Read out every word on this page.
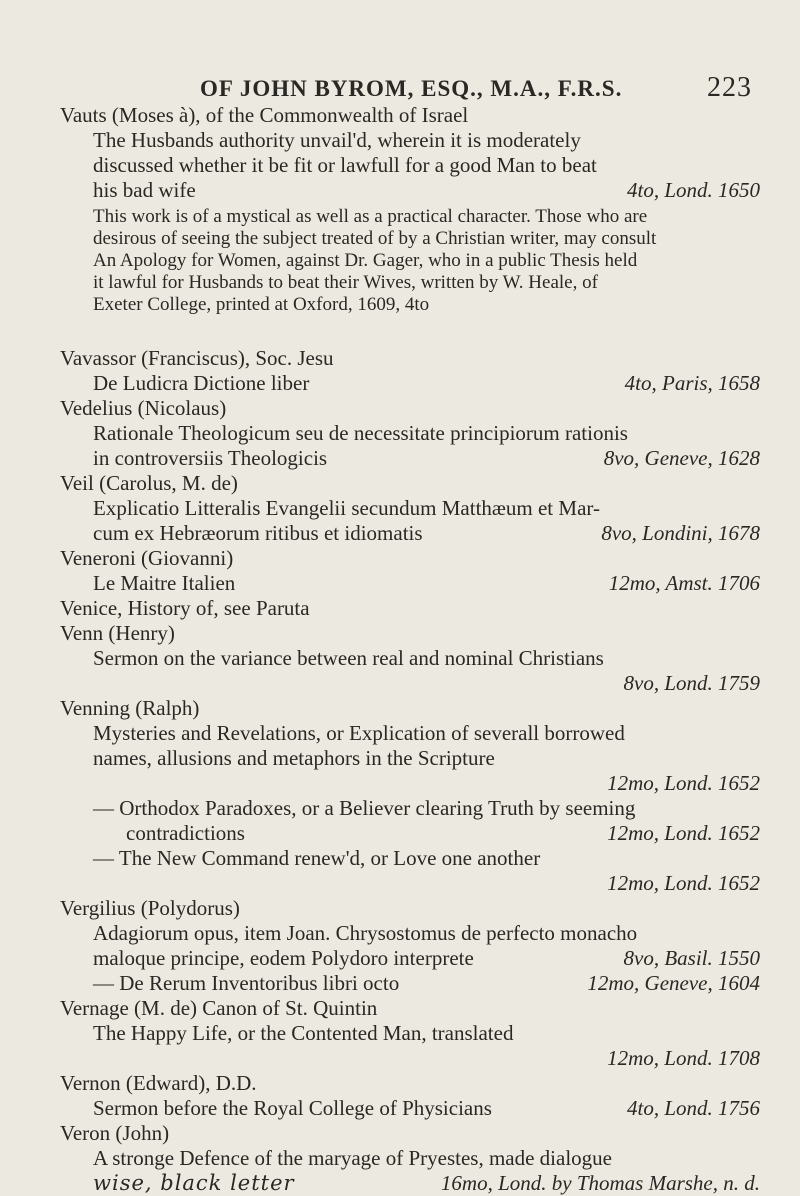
OF JOHN BYROM, ESQ., M.A., F.R.S.	223
Vauts (Moses à), of the Commonwealth of Israel
The Husbands authority unvail'd, wherein it is moderately
discussed whether it be fit or lawfull for a good Man to beat
his bad wife	4to, Lond. 1650
This work is of a mystical as well as a practical character. Those who are
desirous of seeing the subject treated of by a Christian writer, may consult
An Apology for Women, against Dr. Gager, who in a public Thesis held
it lawful for Husbands to beat their Wives, written by W. Heale, of
Exeter College, printed at Oxford, 1609, 4to
Vavassor (Franciscus), Soc. Jesu
De Ludicra Dictione liber	4to, Paris, 1658
Vedelius (Nicolaus)
Rationale Theologicum seu de necessitate principiorum rationis
in controversiis Theologicis	8vo, Geneve, 1628
Veil (Carolus, M. de)
Explicatio Litteralis Evangelii secundum Matthæum et Mar-
cum ex Hebræorum ritibus et idiomatis	8vo, Londini, 1678
Veneroni (Giovanni)
Le Maitre Italien	12mo, Amst. 1706
Venice, History of, see Paruta
Venn (Henry)
Sermon on the variance between real and nominal Christians
8vo, Lond. 1759
Venning (Ralph)
Mysteries and Revelations, or Explication of severall borrowed
names, allusions and metaphors in the Scripture
12mo, Lond. 1652
— Orthodox Paradoxes, or a Believer clearing Truth by seeming
contradictions	12mo, Lond. 1652
— The New Command renew'd, or Love one another
12mo, Lond. 1652
Vergilius (Polydorus)
Adagiorum opus, item Joan. Chrysostomus de perfecto monacho
maloque principe, eodem Polydoro interprete	8vo, Basil. 1550
— De Rerum Inventoribus libri octo	12mo, Geneve, 1604
Vernage (M. de) Canon of St. Quintin
The Happy Life, or the Contented Man, translated
12mo, Lond. 1708
Vernon (Edward), D.D.
Sermon before the Royal College of Physicians	4to, Lond. 1756
Veron (John)
A stronge Defence of the maryage of Pryestes, made dialogue
wise, black letter	16mo, Lond. by Thomas Marshe, n. d.
